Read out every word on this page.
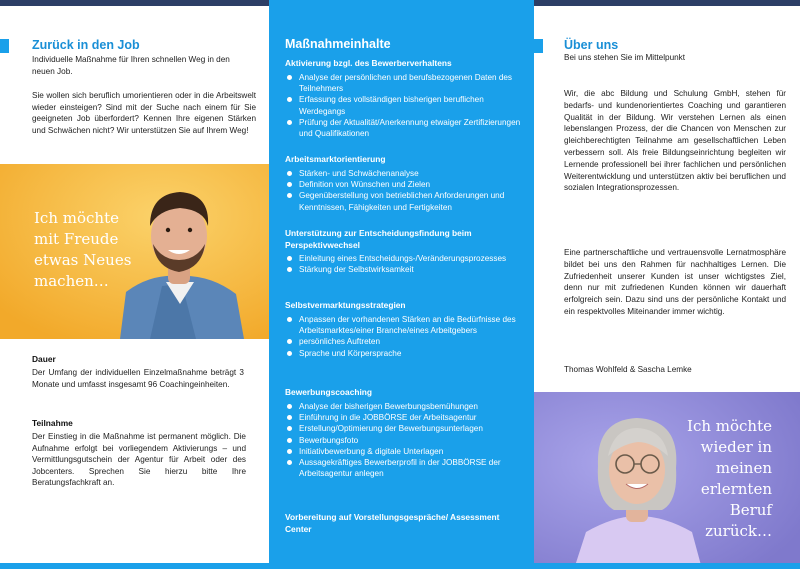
Zurück in den Job

Individuelle Maßnahme für Ihren schnellen Weg in den neuen Job.

Sie wollen sich beruflich umorientieren oder in die Arbeitswelt wieder einsteigen? Sind mit der Suche nach einem für Sie geeigneten Job überfordert? Kennen Ihre eigenen Stärken und Schwächen nicht? Wir unterstützen Sie auf Ihrem Weg!

Ich möchte mit Freude etwas Neues machen…
Dauer

Der Umfang der individuellen Einzelmaßnahme beträgt 3 Monate und umfasst insgesamt 96 Coachingeinheiten.

Teilnahme

Der Einstieg in die Maßnahme ist permanent möglich. Die Aufnahme erfolgt bei vorliegendem Aktivierungs – und Vermittlungsgutschein der Agentur für Arbeit oder des Jobcenters. Sprechen Sie hierzu bitte Ihre Beratungsfachkraft an.

Maßnahmeinhalte
Aktivierung bzgl. des Bewerberverhaltens
Analyse der persönlichen und berufsbezogenen Daten des Teilnehmers
Erfassung des vollständigen bisherigen beruflichen Werdegangs
Prüfung der Aktualität/Anerkennung etwaiger Zertifizierungen und Qualifikationen
Arbeitsmarktorientierung
Stärken- und Schwächenanalyse
Definition von Wünschen und Zielen
Gegenüberstellung von betrieblichen Anforderungen und Kenntnissen, Fähigkeiten und Fertigkeiten
Unterstützung zur Entscheidungsfindung beim Perspektivwechsel
Einleitung eines Entscheidungs-/Veränderungsprozesses
Stärkung der Selbstwirksamkeit
Selbstvermarktungsstrategien
Anpassen der vorhandenen Stärken an die Bedürfnisse des Arbeitsmarktes/einer Branche/eines Arbeitgebers
persönliches Auftreten
Sprache und Körpersprache
Bewerbungscoaching
Analyse der bisherigen Bewerbungsbemühungen
Einführung in die JOBBÖRSE der Arbeitsagentur
Erstellung/Optimierung der Bewerbungsunterlagen
Bewerbungsfoto
Initiativbewerbung & digitale Unterlagen
Aussagekräftiges Bewerberprofil in der JOBBÖRSE der Arbeitsagentur anlegen
Vorbereitung auf Vorstellungsgespräche/ Assessment Center
Über uns

Bei uns stehen Sie im Mittelpunkt

Wir, die abc Bildung und Schulung GmbH, stehen für bedarfs- und kundenorientiertes Coaching und garantieren Qualität in der Bildung. Wir verstehen Lernen als einen lebenslangen Prozess, der die Chancen von Menschen zur gleichberechtigten Teilnahme am gesellschaftlichen Leben verbessern soll. Als freie Bildungseinrichtung begleiten wir Lernende professionell bei ihrer fachlichen und persönlichen Weiterentwicklung und unterstützen aktiv bei beruflichen und sozialen Integrationsprozessen.

Eine partnerschaftliche und vertrauensvolle Lernatmosphäre bildet bei uns den Rahmen für nachhaltiges Lernen. Die Zufriedenheit unserer Kunden ist unser wichtigstes Ziel, denn nur mit zufriedenen Kunden können wir dauerhaft erfolgreich sein. Dazu sind uns der persönliche Kontakt und ein respektvolles Miteinander immer wichtig.

Thomas Wohlfeld & Sascha Lemke

Ich möchte wieder in meinen erlernten Beruf zurück…
